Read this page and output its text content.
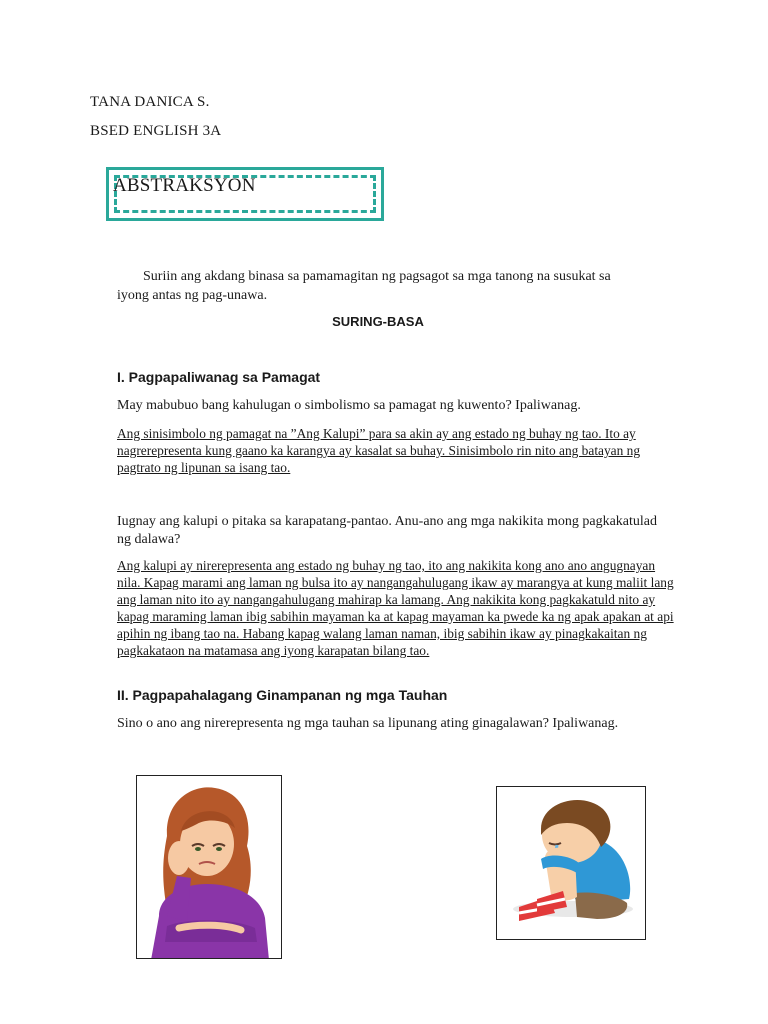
TANA DANICA S.
BSED ENGLISH 3A
ABSTRAKSYON
Suriin ang akdang binasa sa pamamagitan ng pagsagot sa mga tanong na susukat sa iyong antas ng pag-unawa.
SURING-BASA
I. Pagpapaliwanag sa Pamagat
May mabubuo bang kahulugan o simbolismo sa pamagat ng kuwento? Ipaliwanag.
Ang sinisimbolo ng pamagat na ”Ang Kalupi” para sa akin ay ang estado ng buhay ng tao. Ito ay nagrerepresenta kung gaano ka karangya ay kasalat sa buhay. Sinisimbolo rin nito ang batayan ng pagtrato ng lipunan sa isang tao.
Iugnay ang kalupi o pitaka sa karapatang-pantao. Anu-ano ang mga nakikita mong pagkakatulad ng dalawa?
Ang kalupi ay nirerepresenta ang estado ng buhay ng tao, ito ang nakikita kong ano ano angugnayan nila. Kapag marami ang laman ng bulsa ito ay nangangahulugang ikaw ay marangya at kung maliit lang ang laman nito ito ay nangangahulugang mahirap ka lamang. Ang nakikita kong pagkakatuld nito ay kapag maraming laman ibig sabihin mayaman ka at kapag mayaman ka pwede ka ng apak apakan at api apihin ng ibang tao na. Habang kapag walang laman naman, ibig sabihin ikaw ay pinagkakaitan ng pagkakataon na matamasa ang iyong karapatan bilang tao.
II. Pagpapahalagang Ginampanan ng mga Tauhan
Sino o ano ang nirerepresenta ng mga tauhan sa lipunang ating ginagalawan? Ipaliwanag.
